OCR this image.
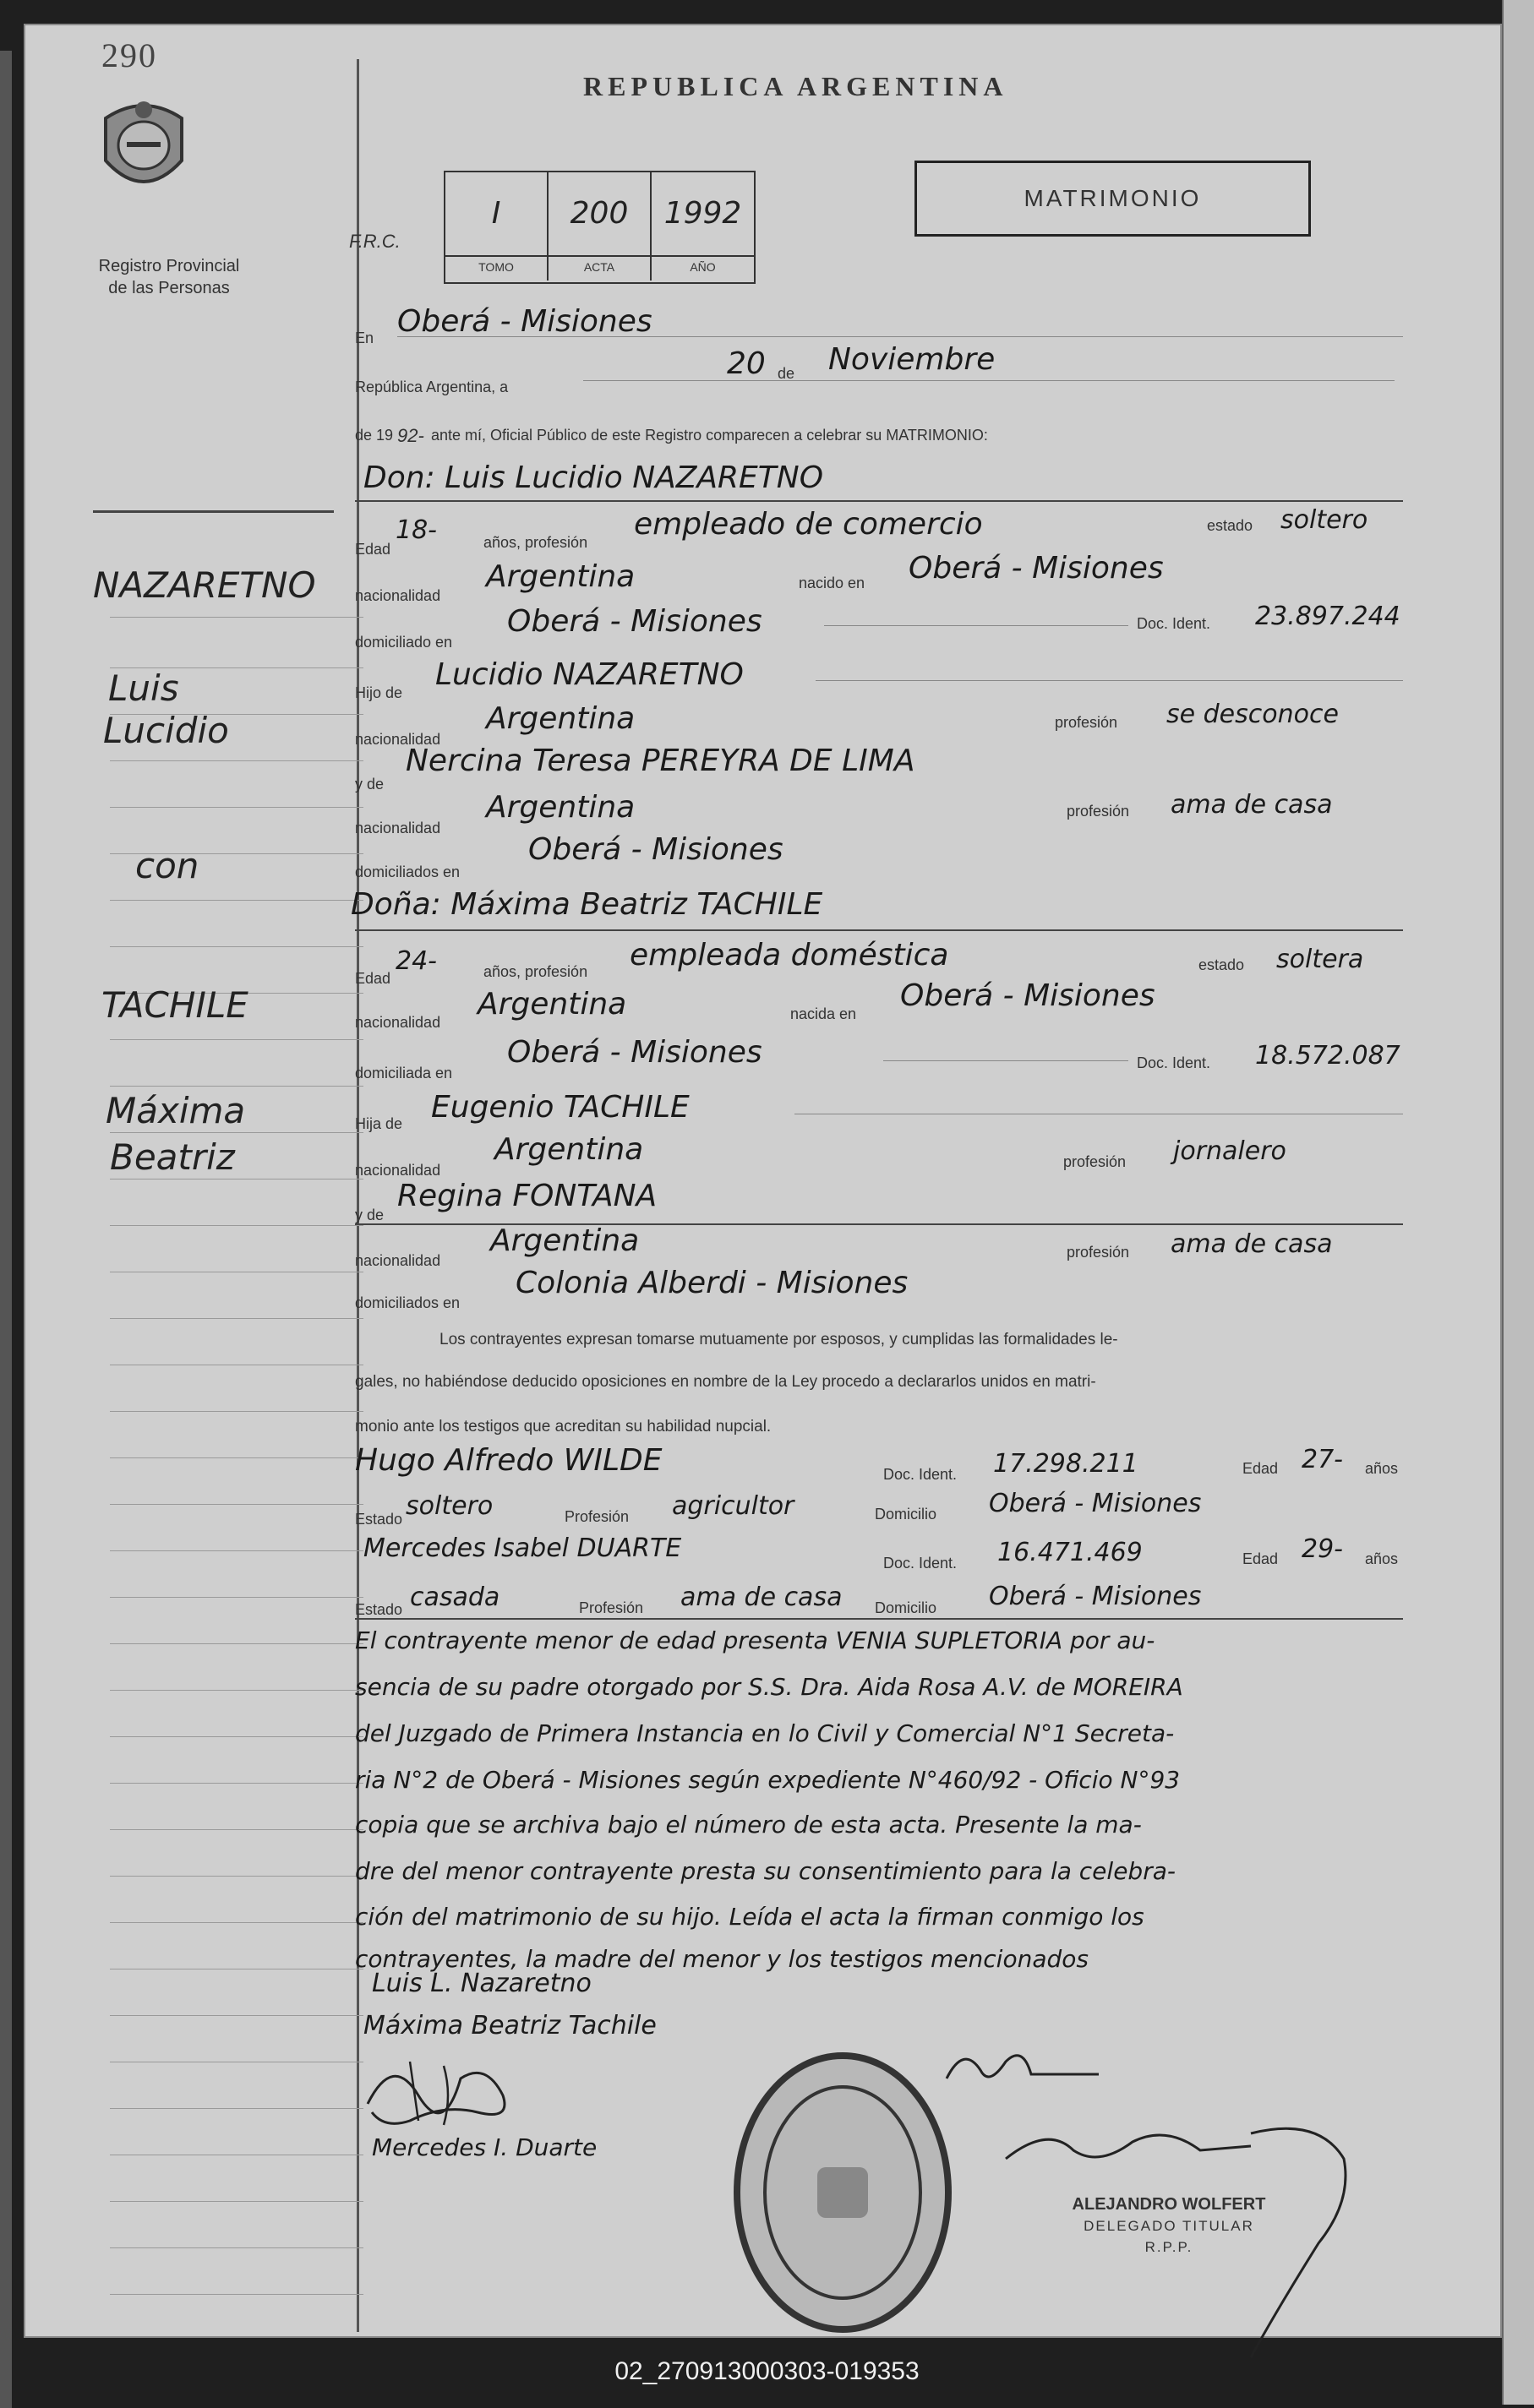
290
Registro Provincial
de las Personas
NAZARETNO
Luis
Lucidio
con
TACHILE
Máxima
Beatriz
REPUBLICA ARGENTINA
F.R.C.
I
TOMO
200
ACTA
1992
AÑO
MATRIMONIO
En Oberá - Misiones
República Argentina, a
20 de Noviembre
de 19 92- ante mí, Oficial Público de este Registro comparecen a celebrar su MATRIMONIO:
Don: Luis Lucidio NAZARETNO
Edad
18-	años, profesión
empleado de comercio	estado soltero
nacionalidad
Argentina	nacido en Oberá - Misiones
domiciliado en
Oberá - Misiones	Doc. Ident. 23.897.244
Hijo de
Lucidio NAZARETNO
nacionalidad
Argentina	profesión se desconoce
y de
Nercina Teresa PEREYRA DE LIMA
nacionalidad
Argentina	profesión ama de casa
domiciliados en
Oberá - Misiones
Doña: Máxima Beatriz TACHILE
Edad
24-	años, profesión empleada doméstica	estado soltera
nacionalidad
Argentina	nacida en
Oberá - Misiones
domiciliada en
Oberá - Misiones	Doc. Ident. 18.572.087
Hija de Eugenio TACHILE
nacionalidad
Argentina	profesión jornalero
y de
Regina FONTANA
nacionalidad
Argentina	profesión ama de casa
domiciliados en
Colonia Alberdi - Misiones
Los contrayentes expresan tomarse mutuamente por esposos, y cumplidas las formalidades le-
gales, no habiéndose deducido oposiciones en nombre de la Ley procedo a declararlos unidos en matri-
monio ante los testigos que acreditan su habilidad nupcial.
Hugo Alfredo WILDE	Doc. Ident. 17.298.211	Edad 27- años
Estado soltero	Profesión agricultor	Domicilio Oberá - Misiones
Mercedes Isabel DUARTE	Doc. Ident. 16.471.469	Edad 29- años
Estado casada	Profesión ama de casa Domicilio Oberá - Misiones
El contrayente menor de edad presenta VENIA SUPLETORIA por au-
sencia de su padre otorgado por S.S. Dra. Aida Rosa A.V. de MOREIRA
del Juzgado de Primera Instancia en lo Civil y Comercial N°1 Secreta-
ria N°2 de Oberá - Misiones según expediente N°460/92 - Oficio N°93
copia que se archiva bajo el número de esta acta. Presente la ma-
dre del menor contrayente presta su consentimiento para la celebra-
ción del matrimonio de su hijo. Leída el acta la firman conmigo los
contrayentes, la madre del menor y los testigos mencionados
Luis L. Nazaretno
Máxima Beatriz Tachile
Mercedes I. Duarte
ALEJANDRO WOLFERT
DELEGADO TITULAR
R.P.P.
02_270913000303-019353
